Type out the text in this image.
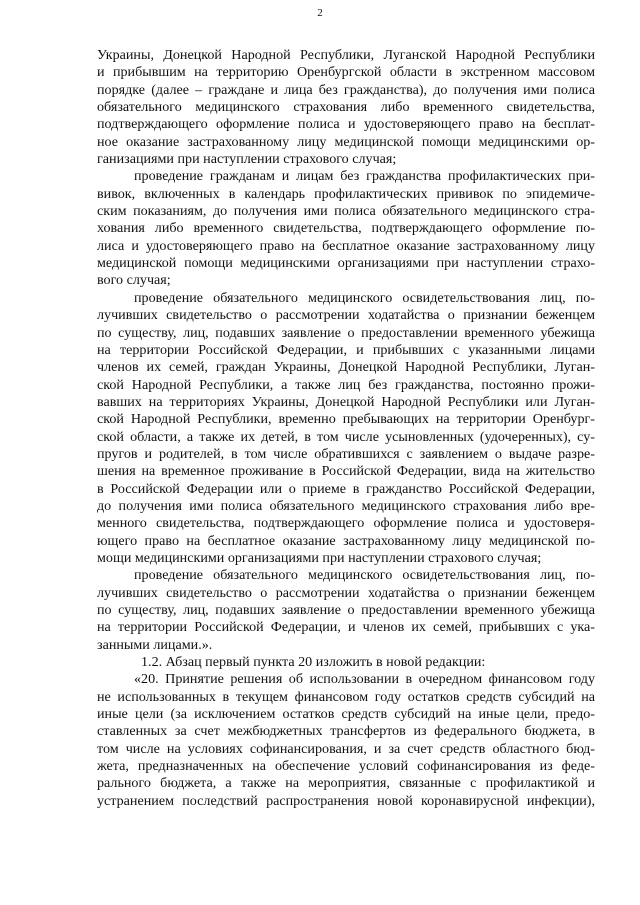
2
Украины, Донецкой Народной Республики, Луганской Народной Республики
и прибывшим на территорию Оренбургской области в экстренном массовом
порядке (далее – граждане и лица без гражданства), до получения ими полиса
обязательного медицинского страхования либо временного свидетельства,
подтверждающего оформление полиса и удостоверяющего право на бесплат-
ное оказание застрахованному лицу медицинской помощи медицинскими ор-
ганизациями при наступлении страхового случая;
проведение гражданам и лицам без гражданства профилактических при-
вивок, включенных в календарь профилактических прививок по эпидемиче-
ским показаниям, до получения ими полиса обязательного медицинского стра-
хования либо временного свидетельства, подтверждающего оформление по-
лиса и удостоверяющего право на бесплатное оказание застрахованному лицу
медицинской помощи медицинскими организациями при наступлении страхо-
вого случая;
проведение обязательного медицинского освидетельствования лиц, по-
лучивших свидетельство о рассмотрении ходатайства о признании беженцем
по существу, лиц, подавших заявление о предоставлении временного убежища
на территории Российской Федерации, и прибывших с указанными лицами
членов их семей, граждан Украины, Донецкой Народной Республики, Луган-
ской Народной Республики, а также лиц без гражданства, постоянно прожи-
вавших на территориях Украины, Донецкой Народной Республики или Луган-
ской Народной Республики, временно пребывающих на территории Оренбург-
ской области, а также их детей, в том числе усыновленных (удочеренных), су-
пругов и родителей, в том числе обратившихся с заявлением о выдаче разре-
шения на временное проживание в Российской Федерации, вида на жительство
в Российской Федерации или о приеме в гражданство Российской Федерации,
до получения ими полиса обязательного медицинского страхования либо вре-
менного свидетельства, подтверждающего оформление полиса и удостоверя-
ющего право на бесплатное оказание застрахованному лицу медицинской по-
мощи медицинскими организациями при наступлении страхового случая;
проведение обязательного медицинского освидетельствования лиц, по-
лучивших свидетельство о рассмотрении ходатайства о признании беженцем
по существу, лиц, подавших заявление о предоставлении временного убежища
на территории Российской Федерации, и членов их семей, прибывших с ука-
занными лицами.».
1.2. Абзац первый пункта 20 изложить в новой редакции:
«20. Принятие решения об использовании в очередном финансовом году
не использованных в текущем финансовом году остатков средств субсидий на
иные цели (за исключением остатков средств субсидий на иные цели, предо-
ставленных за счет межбюджетных трансфертов из федерального бюджета, в
том числе на условиях софинансирования, и за счет средств областного бюд-
жета, предназначенных на обеспечение условий софинансирования из феде-
рального бюджета, а также на мероприятия, связанные с профилактикой и
устранением последствий распространения новой коронавирусной инфекции),
